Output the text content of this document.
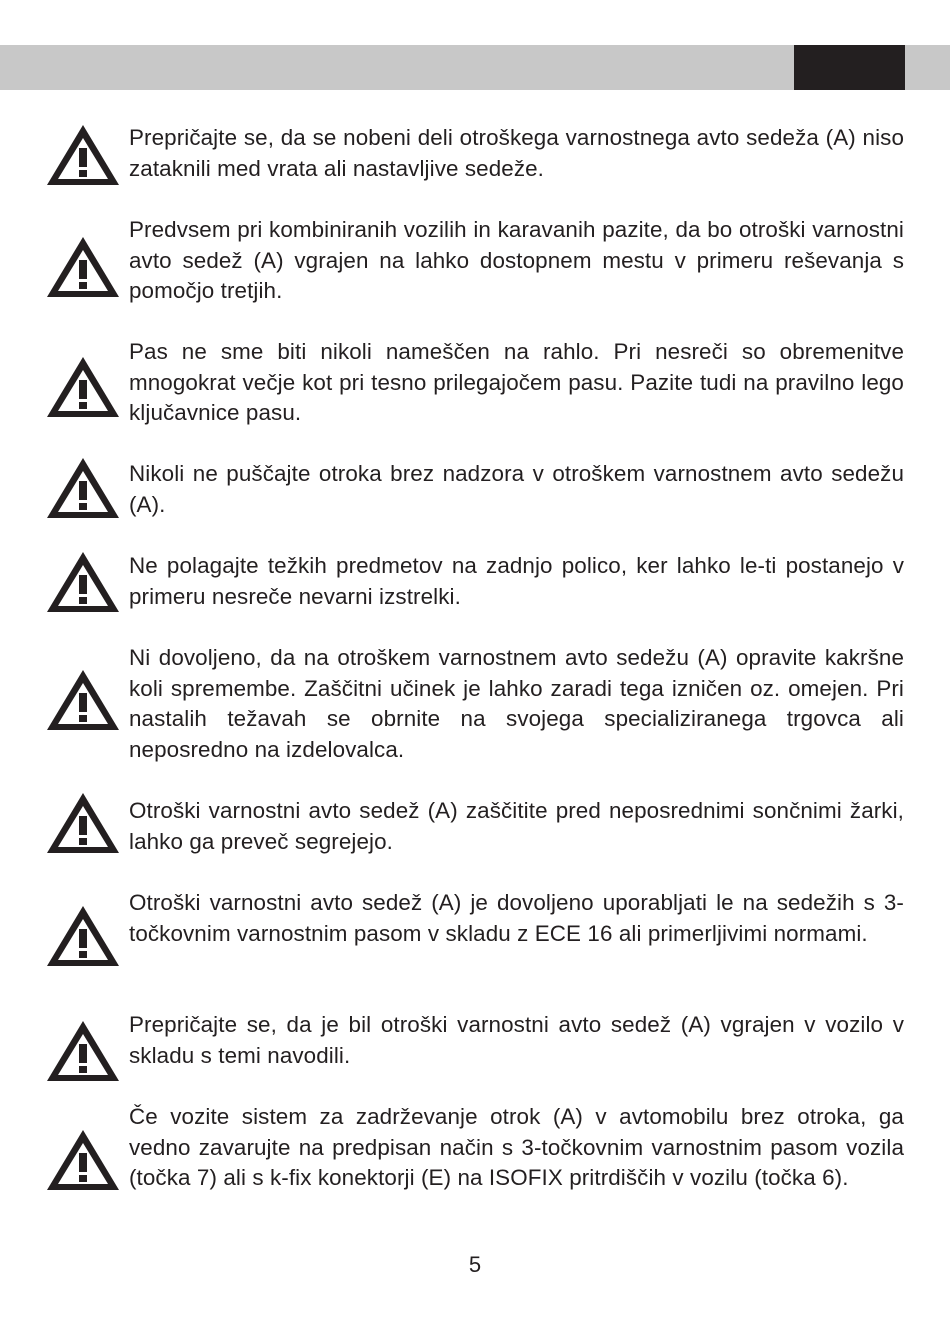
Prepričajte se, da se nobeni deli otroškega varnostnega avto sedeža (A) niso zataknili med vrata ali nastavljive sedeže.

Predvsem pri kombiniranih vozilih in karavanih pazite, da bo otroški varnostni avto sedež (A) vgrajen na lahko dostopnem mestu v primeru reševanja s pomočjo tretjih.

Pas ne sme biti nikoli nameščen na rahlo. Pri nesreči so obremenitve mnogokrat večje kot pri tesno prilegajočem pasu. Pazite tudi na pravilno lego ključavnice pasu.

Nikoli ne puščajte otroka brez nadzora v otroškem varnostnem avto sedežu (A).

Ne polagajte težkih predmetov na zadnjo polico, ker lahko le-ti postanejo v primeru nesreče nevarni izstrelki.

Ni dovoljeno, da na otroškem varnostnem avto sedežu (A) opravite kakršne koli spremembe. Zaščitni učinek je lahko zaradi tega izničen oz. omejen. Pri nastalih težavah se obrnite na svojega specializiranega trgovca ali neposredno na izdelovalca.

Otroški varnostni avto sedež (A) zaščitite pred neposrednimi sončnimi žarki, lahko ga preveč segrejejo.

Otroški varnostni avto sedež (A) je dovoljeno uporabljati le na sedežih s 3-točkovnim varnostnim pasom v skladu z ECE 16 ali primerljivimi normami.

Prepričajte se, da je bil otroški varnostni avto sedež (A) vgrajen v vozilo v skladu s temi navodili.

Če vozite sistem za zadrževanje otrok (A) v avtomobilu brez otroka, ga vedno zavarujte na predpisan način s 3-točkovnim varnostnim pasom vozila (točka 7) ali s k-fix konektorji (E) na ISOFIX pritrdiščih v vozilu (točka 6).

5
